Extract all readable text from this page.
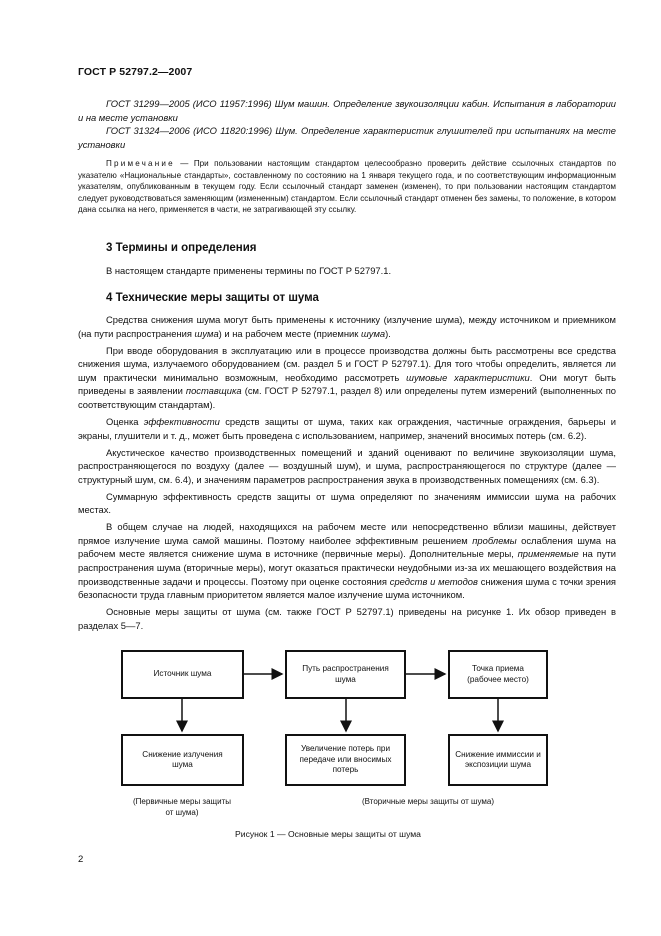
ГОСТ Р 52797.2—2007

ГОСТ 31299—2005 (ИСО 11957:1996) Шум машин. Определение звукоизоляции кабин. Испытания в лаборатории и на месте установки

ГОСТ 31324—2006 (ИСО 11820:1996) Шум. Определение характеристик глушителей при испытаниях на месте установки

Примечание — При пользовании настоящим стандартом целесообразно проверить действие ссылочных стандартов по указателю «Национальные стандарты», составленному по состоянию на 1 января текущего года, и по соответствующим информационным указателям, опубликованным в текущем году. Если ссылочный стандарт заменен (изменен), то при пользовании настоящим стандартом следует руководствоваться заменяющим (измененным) стандартом. Если ссылочный стандарт отменен без замены, то положение, в котором дана ссылка на него, применяется в части, не затрагивающей эту ссылку.

3 Термины и определения

В настоящем стандарте применены термины по ГОСТ Р 52797.1.

4 Технические меры защиты от шума

Средства снижения шума могут быть применены к источнику (излучение шума), между источником и приемником (на пути распространения шума) и на рабочем месте (приемник шума).

При вводе оборудования в эксплуатацию или в процессе производства должны быть рассмотрены все средства снижения шума, излучаемого оборудованием (см. раздел 5 и ГОСТ Р 52797.1). Для того чтобы определить, является ли шум практически минимально возможным, необходимо рассмотреть шумовые характеристики. Они могут быть приведены в заявлении поставщика (см. ГОСТ Р 52797.1, раздел 8) или определены путем измерений (выполненных по соответствующим стандартам).

Оценка эффективности средств защиты от шума, таких как ограждения, частичные ограждения, барьеры и экраны, глушители и т. д., может быть проведена с использованием, например, значений вносимых потерь (см. 6.2).

Акустическое качество производственных помещений и зданий оценивают по величине звукоизоляции шума, распространяющегося по воздуху (далее — воздушный шум), и шума, распространяющегося по структуре (далее — структурный шум, см. 6.4), и значениям параметров распространения звука в производственных помещениях (см. 6.3).

Суммарную эффективность средств защиты от шума определяют по значениям иммиссии шума на рабочих местах.

В общем случае на людей, находящихся на рабочем месте или непосредственно вблизи машины, действует прямое излучение шума самой машины. Поэтому наиболее эффективным решением проблемы ослабления шума на рабочем месте является снижение шума в источнике (первичные меры). Дополнительные меры, применяемые на пути распространения шума (вторичные меры), могут оказаться практически неудобными из-за их мешающего воздействия на производственные задачи и процессы. Поэтому при оценке состояния средств и методов снижения шума с точки зрения безопасности труда главным приоритетом является малое излучение шума источником.

Основные меры защиты от шума (см. также ГОСТ Р 52797.1) приведены на рисунке 1. Их обзор приведен в разделах 5—7.

Источник шума
Путь распространения шума
Точка приема (рабочее место)
Снижение излучения шума
Увеличение потерь при передаче или вносимых потерь
Снижение иммиссии и экспозиции шума
(Первичные меры защиты от шума)
(Вторичные меры защиты от шума)
Рисунок 1 — Основные меры защиты от шума
2
